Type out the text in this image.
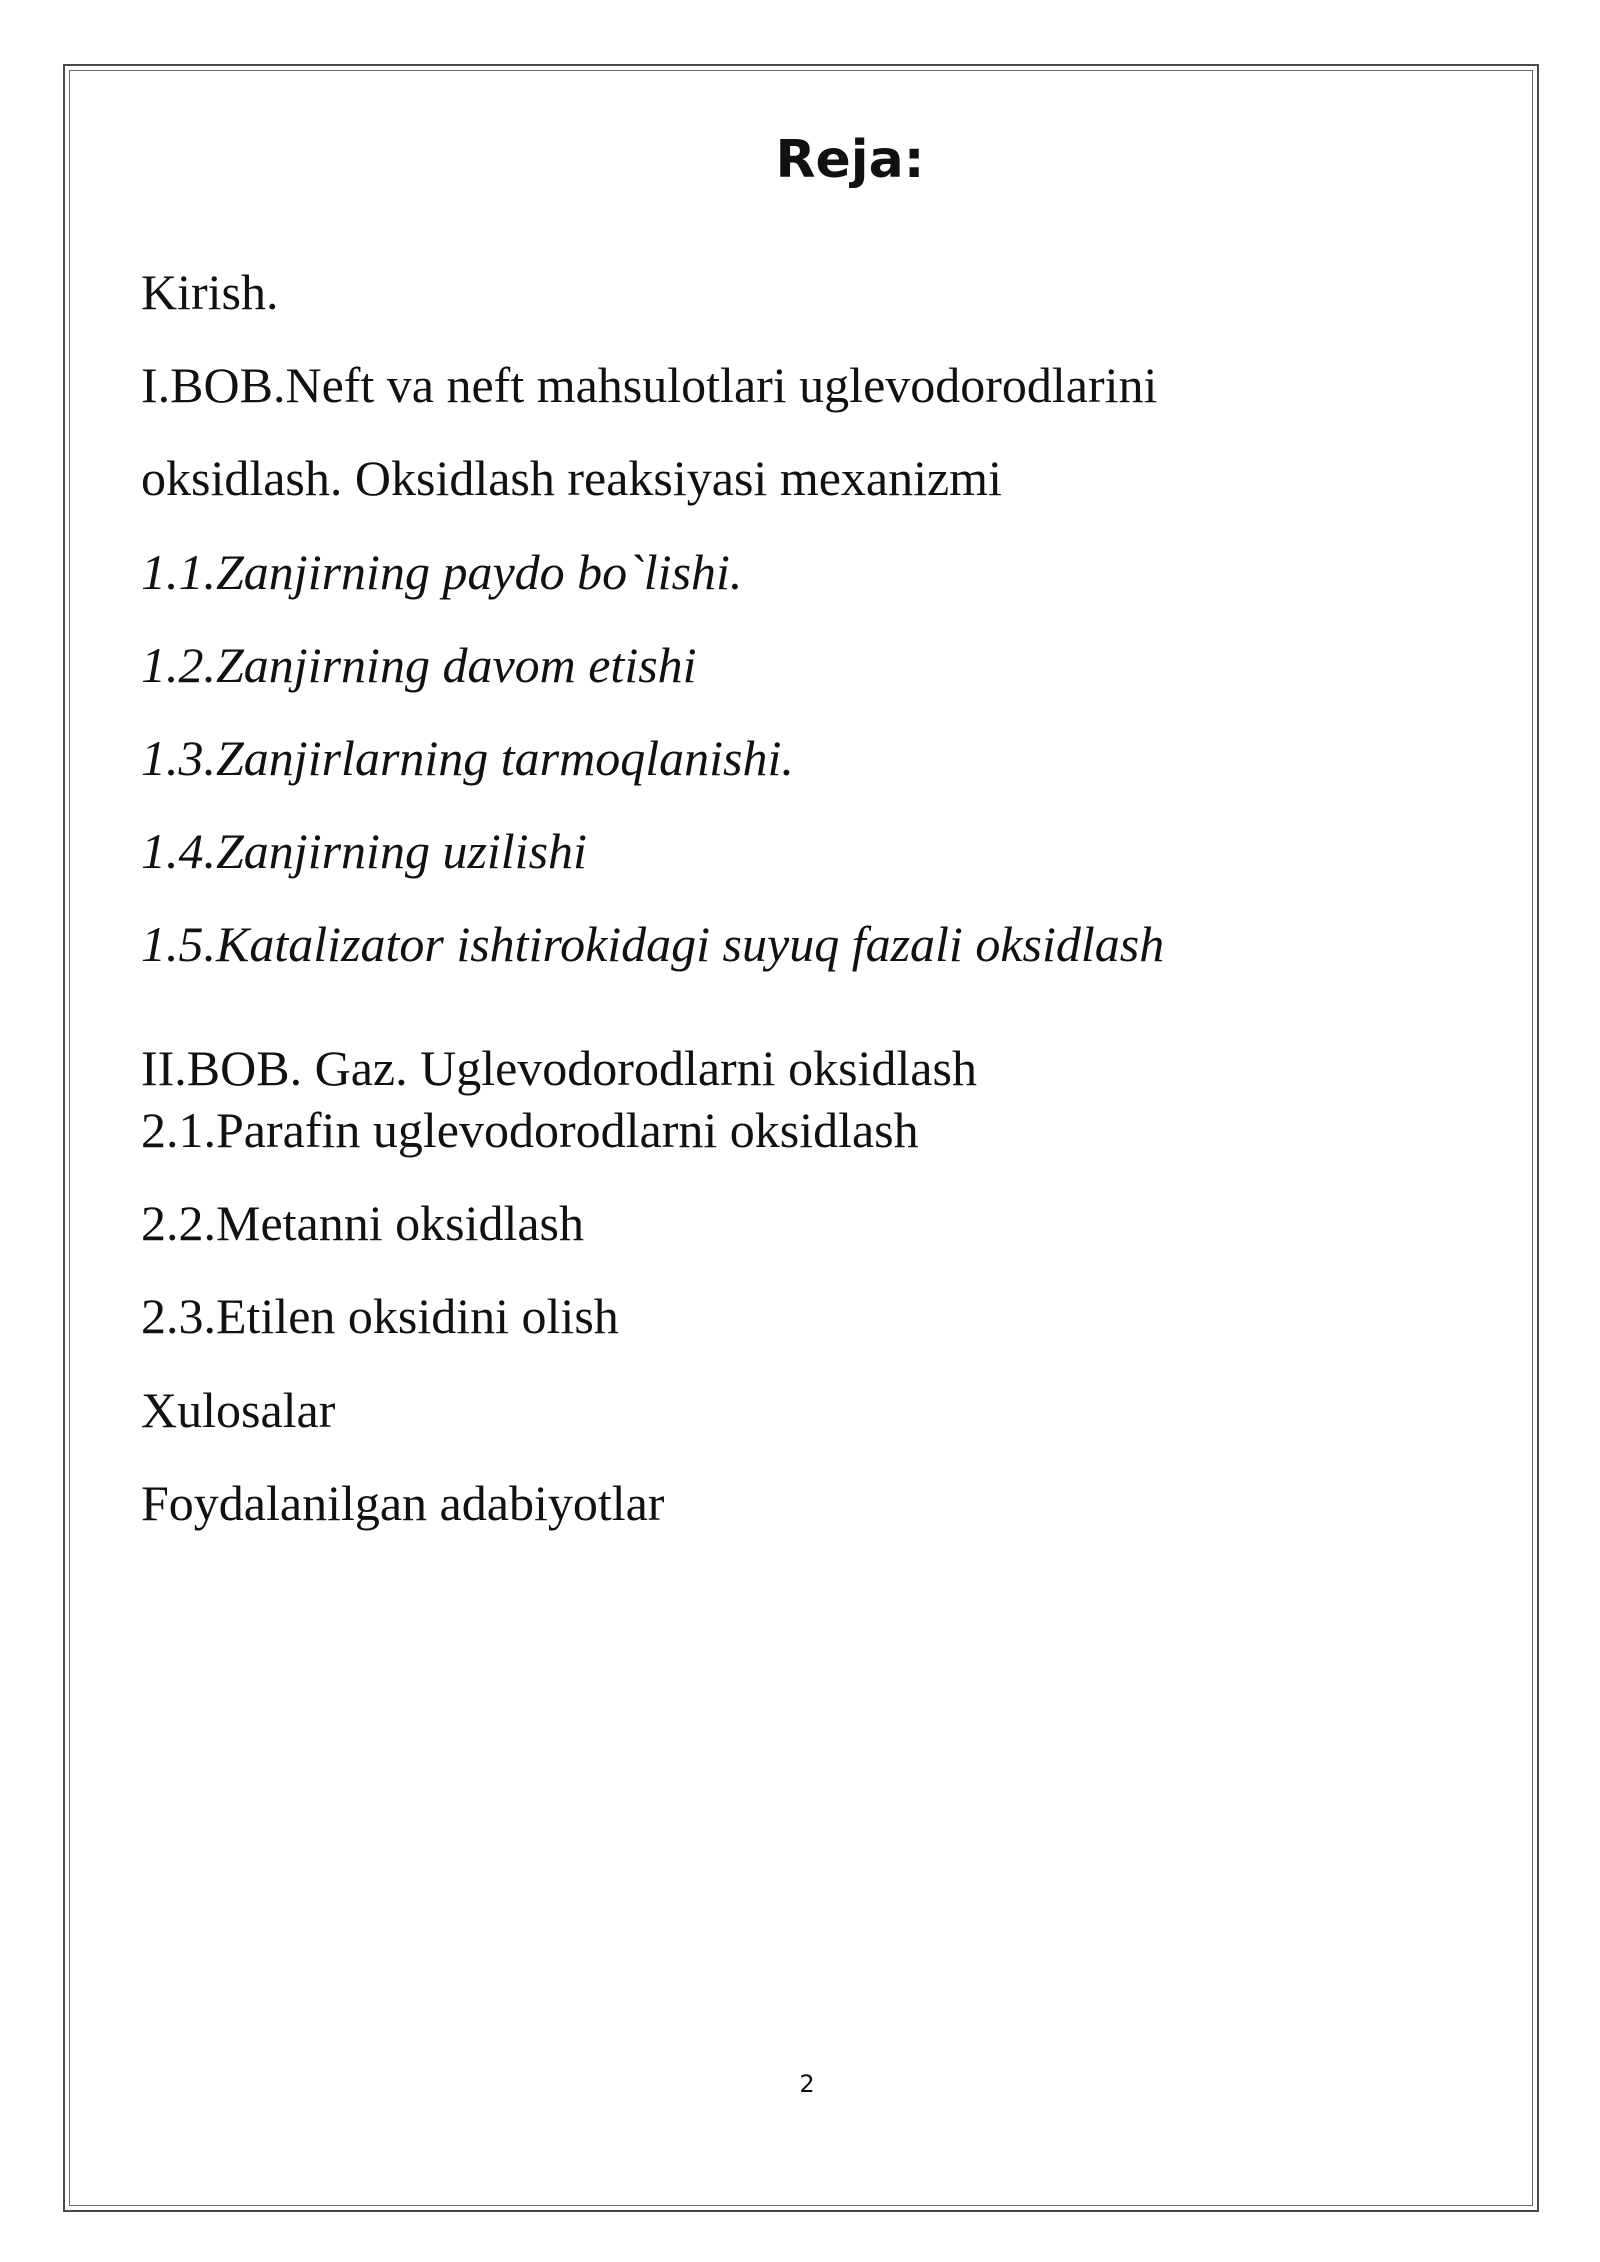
Reja:
Kirish.
I.BOB.Neft va neft mahsulotlari uglevodorodlarini
oksidlash. Oksidlash reaksiyasi mexanizmi
1.1.Zanjirning paydo bo`lishi.
1.2.Zanjirning davom etishi
1.3.Zanjirlarning tarmoqlanishi.
1.4.Zanjirning uzilishi
1.5.Katalizator ishtirokidagi suyuq fazali oksidlash
II.BOB. Gaz. Uglevodorodlarni oksidlash
2.1.Parafin uglevodorodlarni oksidlash
2.2.Metanni oksidlash
2.3.Etilen oksidini olish
Xulosalar
Foydalanilgan adabiyotlar
2
